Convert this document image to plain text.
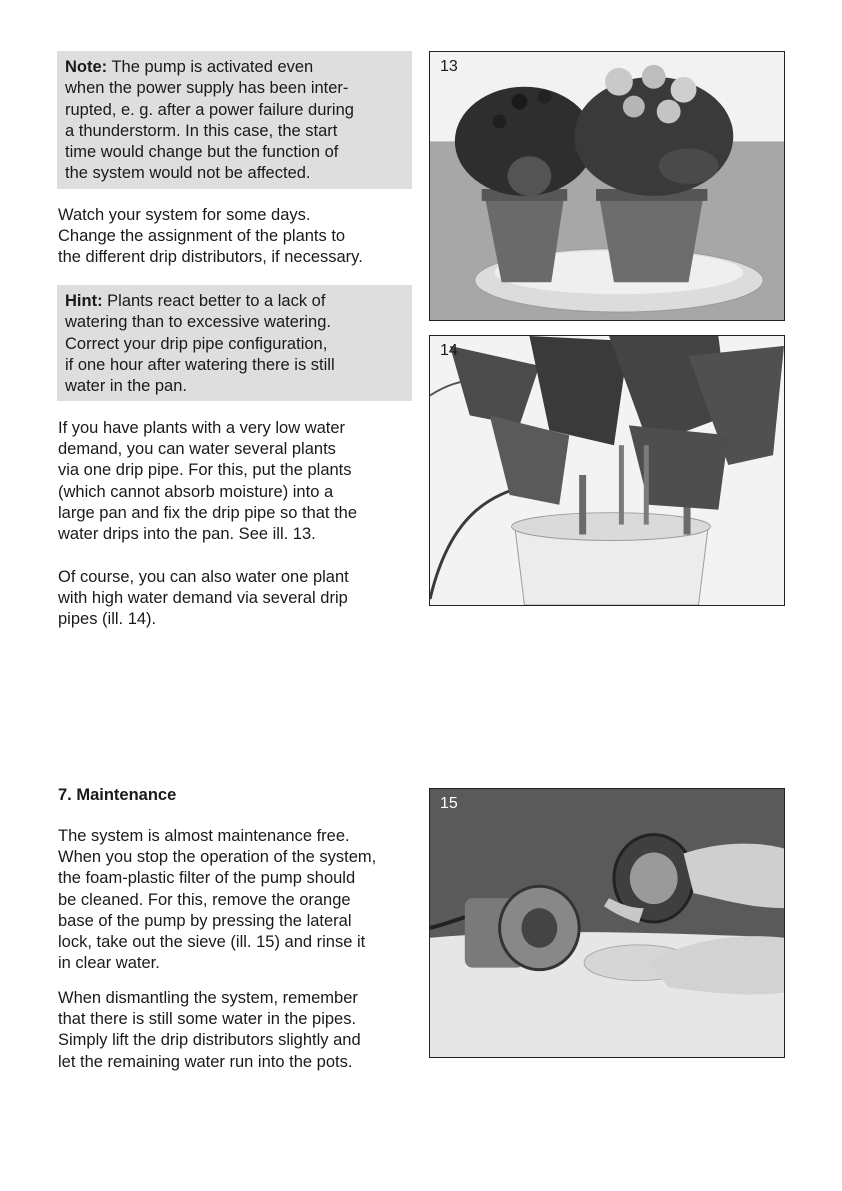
Note: The pump is activated even
when the power supply has been inter-
rupted, e. g. after a power failure during
a thunderstorm. In this case, the start
time would change but the function of
the system would not be affected.
Watch your system for some days.
Change the assignment of the plants to
the different drip distributors, if necessary.
Hint: Plants react better to a lack of
watering than to excessive watering.
Correct your drip pipe configuration,
if one hour after watering there is still
water in the pan.
If you have plants with a very low water
demand, you can water several plants
via one drip pipe. For this, put the plants
(which cannot absorb moisture) into a
large pan and fix the drip pipe so that the
water drips into the pan. See ill. 13.
Of course, you can also water one plant
with high water demand via several drip
pipes (ill. 14).
7. Maintenance
The system is almost maintenance free.
When you stop the operation of the system,
the foam-plastic filter of the pump should
be cleaned. For this, remove the orange
base of the pump by pressing the lateral
lock, take out the sieve (ill. 15) and rinse it
in clear water.
When dismantling the system, remember
that there is still some water in the pipes.
Simply lift the drip distributors slightly and
let the remaining water run into the pots.
13
14
15
